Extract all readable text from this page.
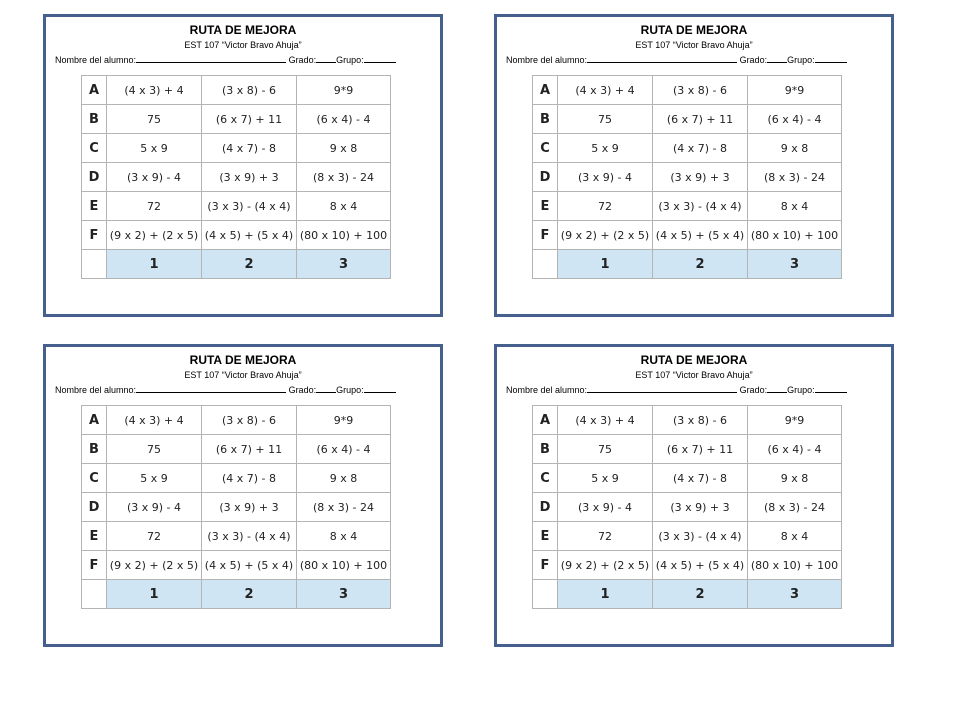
RUTA DE MEJORA
EST 107 “Victor Bravo Ahuja”
Nombre del alumno:	Grado: Grupo:
A	(4 x 3) + 4	(3 x 8) - 6	9*9
B	75	(6 x 7) + 11	(6 x 4) - 4
C	5 x 9	(4 x 7) - 8	9 x 8
D	(3 x 9) - 4	(3 x 9) + 3	(8 x 3) - 24
E	72	(3 x 3) - (4 x 4)	8 x 4
F	(9 x 2) + (2 x 5)	(4 x 5) + (5 x 4)	(80 x 10) + 100
	1	2	3
RUTA DE MEJORA
EST 107 “Victor Bravo Ahuja”
Nombre del alumno:	Grado: Grupo:
A	(4 x 3) + 4	(3 x 8) - 6	9*9
B	75	(6 x 7) + 11	(6 x 4) - 4
C	5 x 9	(4 x 7) - 8	9 x 8
D	(3 x 9) - 4	(3 x 9) + 3	(8 x 3) - 24
E	72	(3 x 3) - (4 x 4)	8 x 4
F	(9 x 2) + (2 x 5)	(4 x 5) + (5 x 4)	(80 x 10) + 100
	1	2	3
RUTA DE MEJORA
EST 107 “Victor Bravo Ahuja”
Nombre del alumno:	Grado: Grupo:
A	(4 x 3) + 4	(3 x 8) - 6	9*9
B	75	(6 x 7) + 11	(6 x 4) - 4
C	5 x 9	(4 x 7) - 8	9 x 8
D	(3 x 9) - 4	(3 x 9) + 3	(8 x 3) - 24
E	72	(3 x 3) - (4 x 4)	8 x 4
F	(9 x 2) + (2 x 5)	(4 x 5) + (5 x 4)	(80 x 10) + 100
	1	2	3
RUTA DE MEJORA
EST 107 “Victor Bravo Ahuja”
Nombre del alumno:	Grado: Grupo:
A	(4 x 3) + 4	(3 x 8) - 6	9*9
B	75	(6 x 7) + 11	(6 x 4) - 4
C	5 x 9	(4 x 7) - 8	9 x 8
D	(3 x 9) - 4	(3 x 9) + 3	(8 x 3) - 24
E	72	(3 x 3) - (4 x 4)	8 x 4
F	(9 x 2) + (2 x 5)	(4 x 5) + (5 x 4)	(80 x 10) + 100
	1	2	3
